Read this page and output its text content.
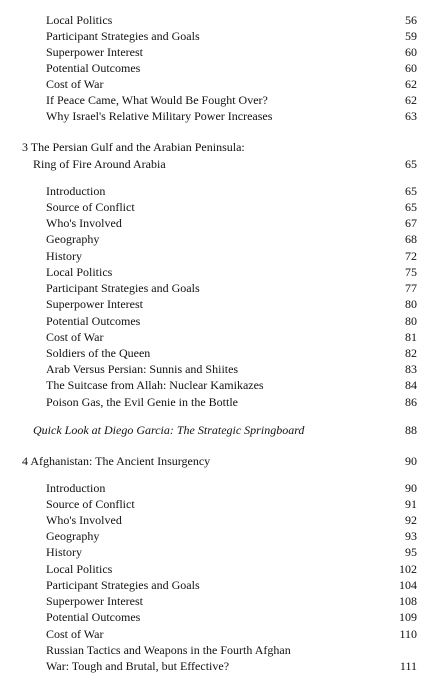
Local Politics	56
Participant Strategies and Goals	59
Superpower Interest	60
Potential Outcomes	60
Cost of War	62
If Peace Came, What Would Be Fought Over?	62
Why Israel's Relative Military Power Increases	63
3 The Persian Gulf and the Arabian Peninsula:
Ring of Fire Around Arabia	65
Introduction	65
Source of Conflict	65
Who's Involved	67
Geography	68
History	72
Local Politics	75
Participant Strategies and Goals	77
Superpower Interest	80
Potential Outcomes	80
Cost of War	81
Soldiers of the Queen	82
Arab Versus Persian: Sunnis and Shiites	83
The Suitcase from Allah: Nuclear Kamikazes	84
Poison Gas, the Evil Genie in the Bottle	86
Quick Look at Diego Garcia: The Strategic Springboard	88
4 Afghanistan: The Ancient Insurgency	90
Introduction	90
Source of Conflict	91
Who's Involved	92
Geography	93
History	95
Local Politics	102
Participant Strategies and Goals	104
Superpower Interest	108
Potential Outcomes	109
Cost of War	110
Russian Tactics and Weapons in the Fourth Afghan
War: Tough and Brutal, but Effective?	111
